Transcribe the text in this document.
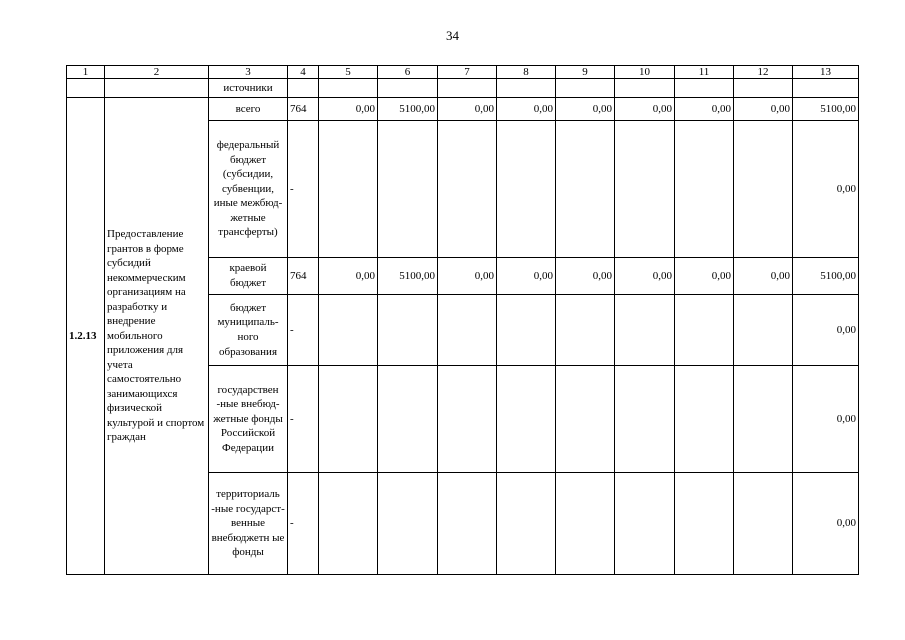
34
1	2	3	4	5	6	7	8	9	10	11	12	13
		источники										
1.2.13	Предоставление грантов в форме субсидий некоммерческим организациям на разработку и внедрение мобильного приложения для учета самостоятельно занимающихся физической культурой и спортом граждан	всего	764	0,00	5100,00	0,00	0,00	0,00	0,00	0,00	0,00	5100,00
		федеральный бюджет (субсидии, субвенции, иные межбюд-жетные трансферты)	-									0,00
		краевой бюджет	764	0,00	5100,00	0,00	0,00	0,00	0,00	0,00	0,00	5100,00
		бюджет муниципаль-ного образования	-									0,00
		государствен -ные внебюд-жетные фонды Российской Федерации	-									0,00
		территориаль -ные государст-венные внебюджетн ые фонды	-									0,00
